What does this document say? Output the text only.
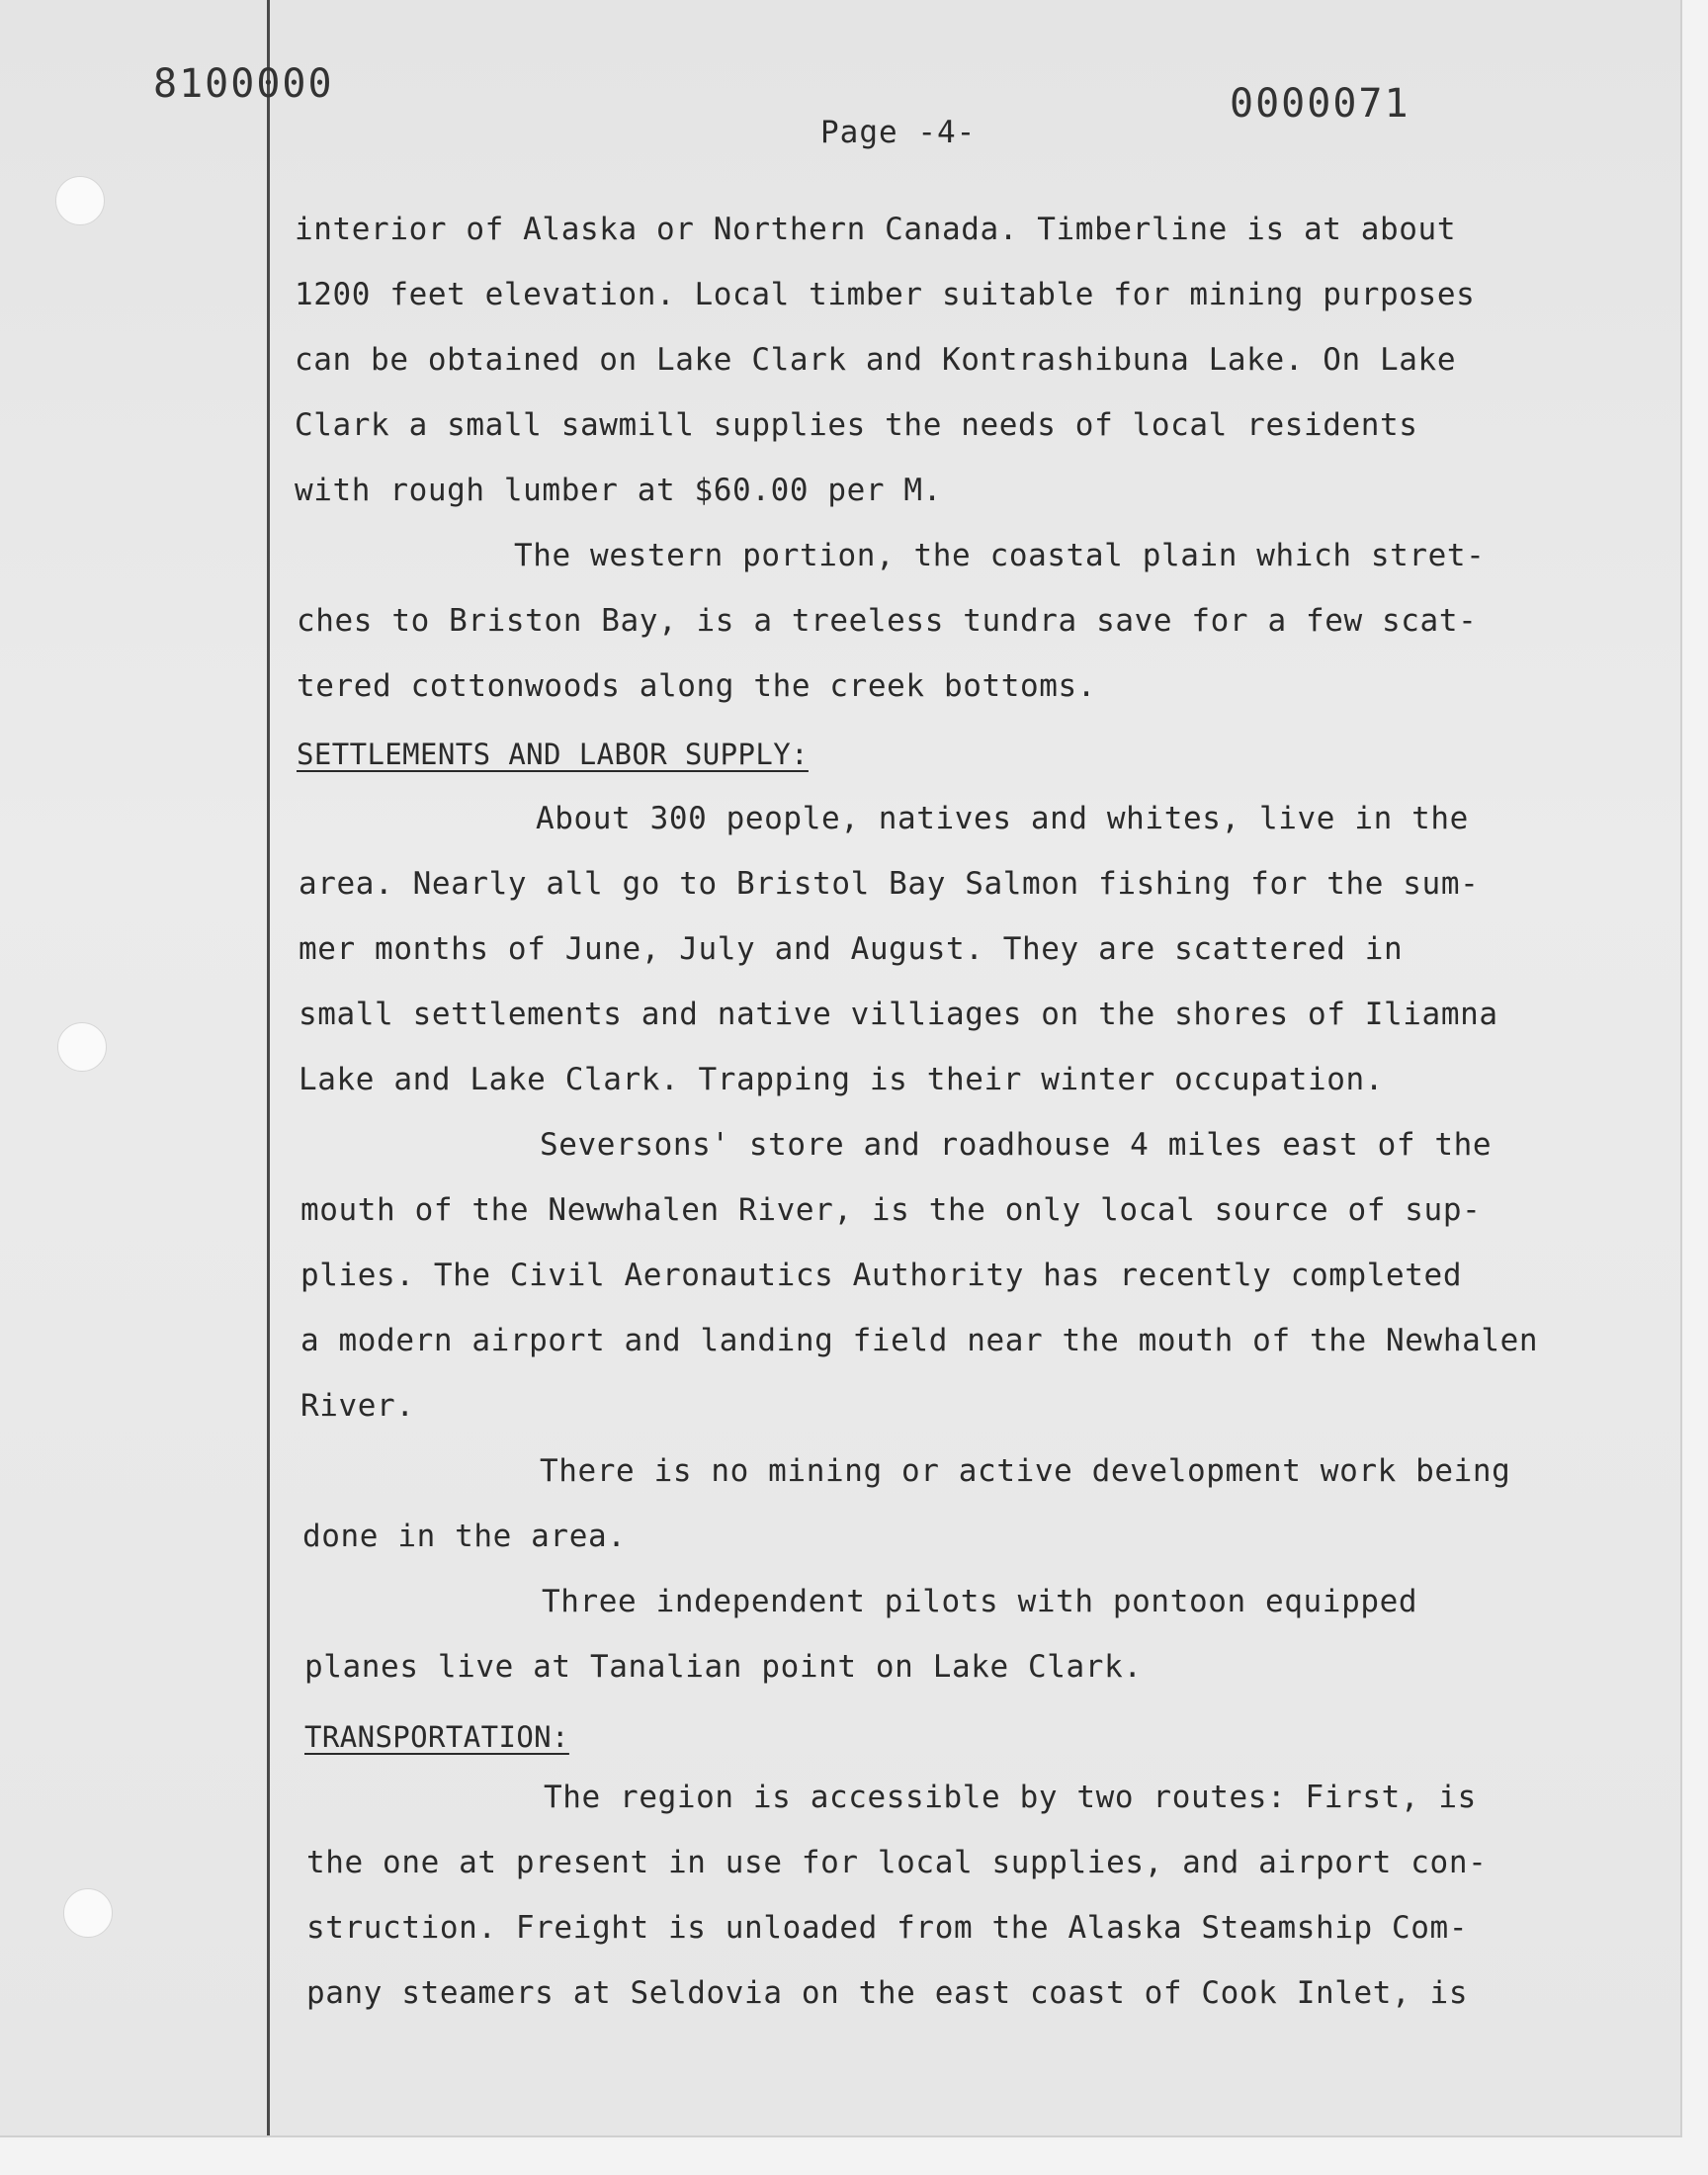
8100000	0000071
Page -4-
interior of Alaska or Northern Canada. Timberline is at about
1200 feet elevation. Local timber suitable for mining purposes
can be obtained on Lake Clark and Kontrashibuna Lake. On Lake
Clark a small sawmill supplies the needs of local residents
with rough lumber at $60.00 per M.
The western portion, the coastal plain which stret-
ches to Briston Bay, is a treeless tundra save for a few scat-
tered cottonwoods along the creek bottoms.
SETTLEMENTS AND LABOR SUPPLY:
About 300 people, natives and whites, live in the
area. Nearly all go to Bristol Bay Salmon fishing for the sum-
mer months of June, July and August. They are scattered in
small settlements and native villiages on the shores of Iliamna
Lake and Lake Clark. Trapping is their winter occupation.
Seversons' store and roadhouse 4 miles east of the
mouth of the Newwhalen River, is the only local source of sup-
plies. The Civil Aeronautics Authority has recently completed
a modern airport and landing field near the mouth of the Newhalen
River.
There is no mining or active development work being
done in the area.
Three independent pilots with pontoon equipped
planes live at Tanalian point on Lake Clark.
TRANSPORTATION:
The region is accessible by two routes: First, is
the one at present in use for local supplies, and airport con-
struction. Freight is unloaded from the Alaska Steamship Com-
pany steamers at Seldovia on the east coast of Cook Inlet, is
